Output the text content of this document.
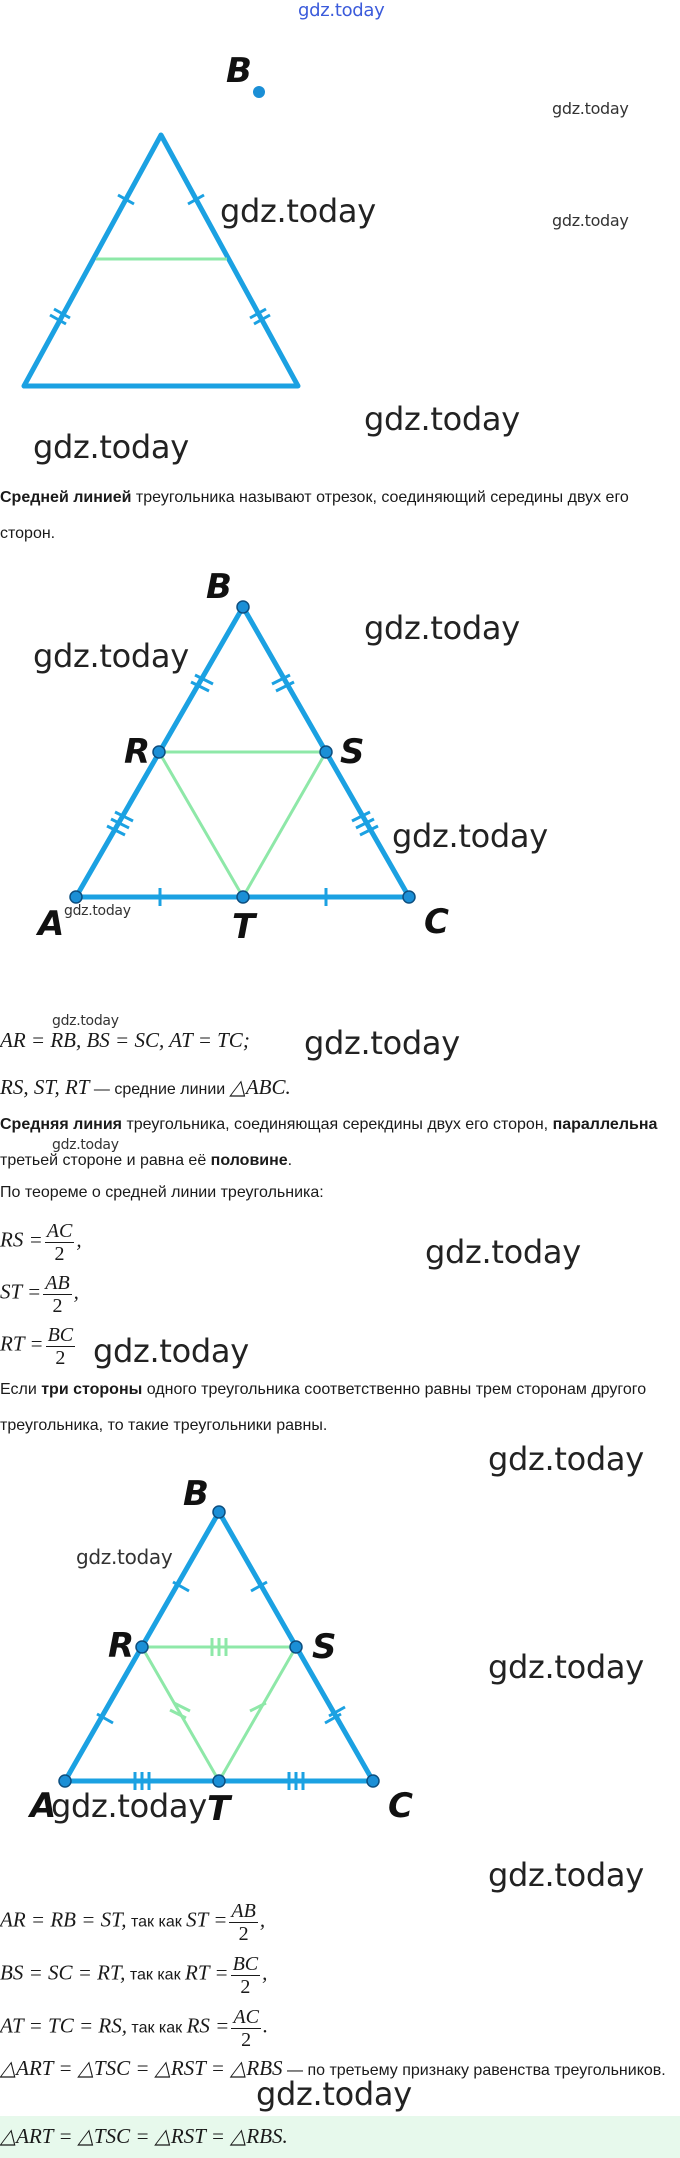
gdz.today
B
B
R	S
A	T	C
B
R	S
A	T	C
Средней линией треугольника называют отрезок, соединяющий середины двух его сторон.
AR = RB, BS = SC, AT = TC;
RS, ST, RT — средние линии △ABC.
Средняя линия треугольника, соединяющая серекдины двух его сторон, параллельна третьей стороне и равна её половине.
По теореме о средней линии треугольника:
RS = $\frac{AC}{2}$ ,
ST = $\frac{AB}{2}$ ,
RT = $\frac{BC}{2}$
Если три стороны одного треугольника соответственно равны трем сторонам другого треугольника, то такие треугольники равны.
AR = RB = ST, так как ST = $\frac{AB}{2}$ ,
BS = SC = RT, так как RT = $\frac{BC}{2}$ ,
AT = TC = RS, так как RS = $\frac{AC}{2}$ .
△ART = △TSC = △RST = △RBS — по третьему признаку равенства треугольников.
△ART = △TSC = △RST = △RBS.
gdz.today
gdz.today	gdz.today
gdz.today
gdz.today
gdz.today
gdz.today
gdz.today
gdz.today
gdz.today
gdz.today
gdz.today
gdz.today
gdz.today
gdz.today
gdz.today
gdz.today
gdz.today
gdz.today
gdz.today
